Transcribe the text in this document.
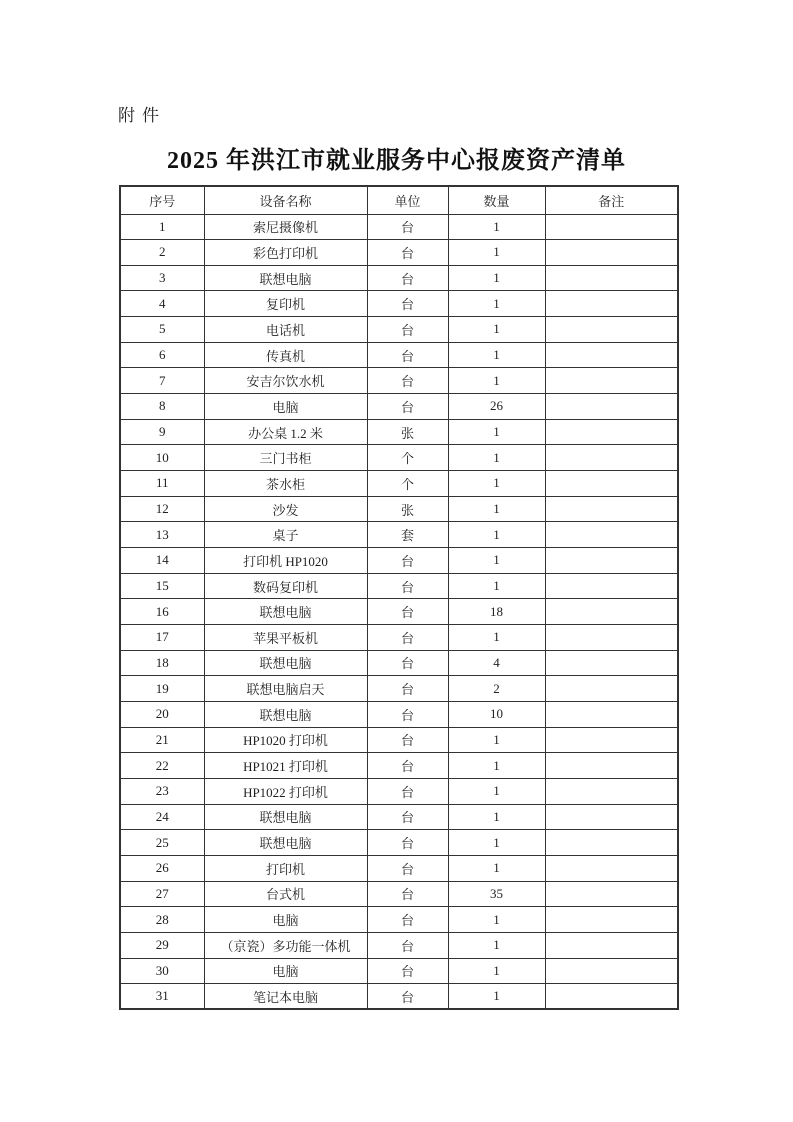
附件
2025 年洪江市就业服务中心报废资产清单
序号	设备名称	单位	数量	备注
1	索尼摄像机	台	1	
2	彩色打印机	台	1	
3	联想电脑	台	1	
4	复印机	台	1	
5	电话机	台	1	
6	传真机	台	1	
7	安吉尔饮水机	台	1	
8	电脑	台	26	
9	办公桌 1.2 米	张	1	
10	三门书柜	个	1	
11	茶水柜	个	1	
12	沙发	张	1	
13	桌子	套	1	
14	打印机 HP1020	台	1	
15	数码复印机	台	1	
16	联想电脑	台	18	
17	苹果平板机	台	1	
18	联想电脑	台	4	
19	联想电脑启天	台	2	
20	联想电脑	台	10	
21	HP1020 打印机	台	1	
22	HP1021 打印机	台	1	
23	HP1022 打印机	台	1	
24	联想电脑	台	1	
25	联想电脑	台	1	
26	打印机	台	1	
27	台式机	台	35	
28	电脑	台	1	
29	（京瓷）多功能一体机	台	1	
30	电脑	台	1	
31	笔记本电脑	台	1	
